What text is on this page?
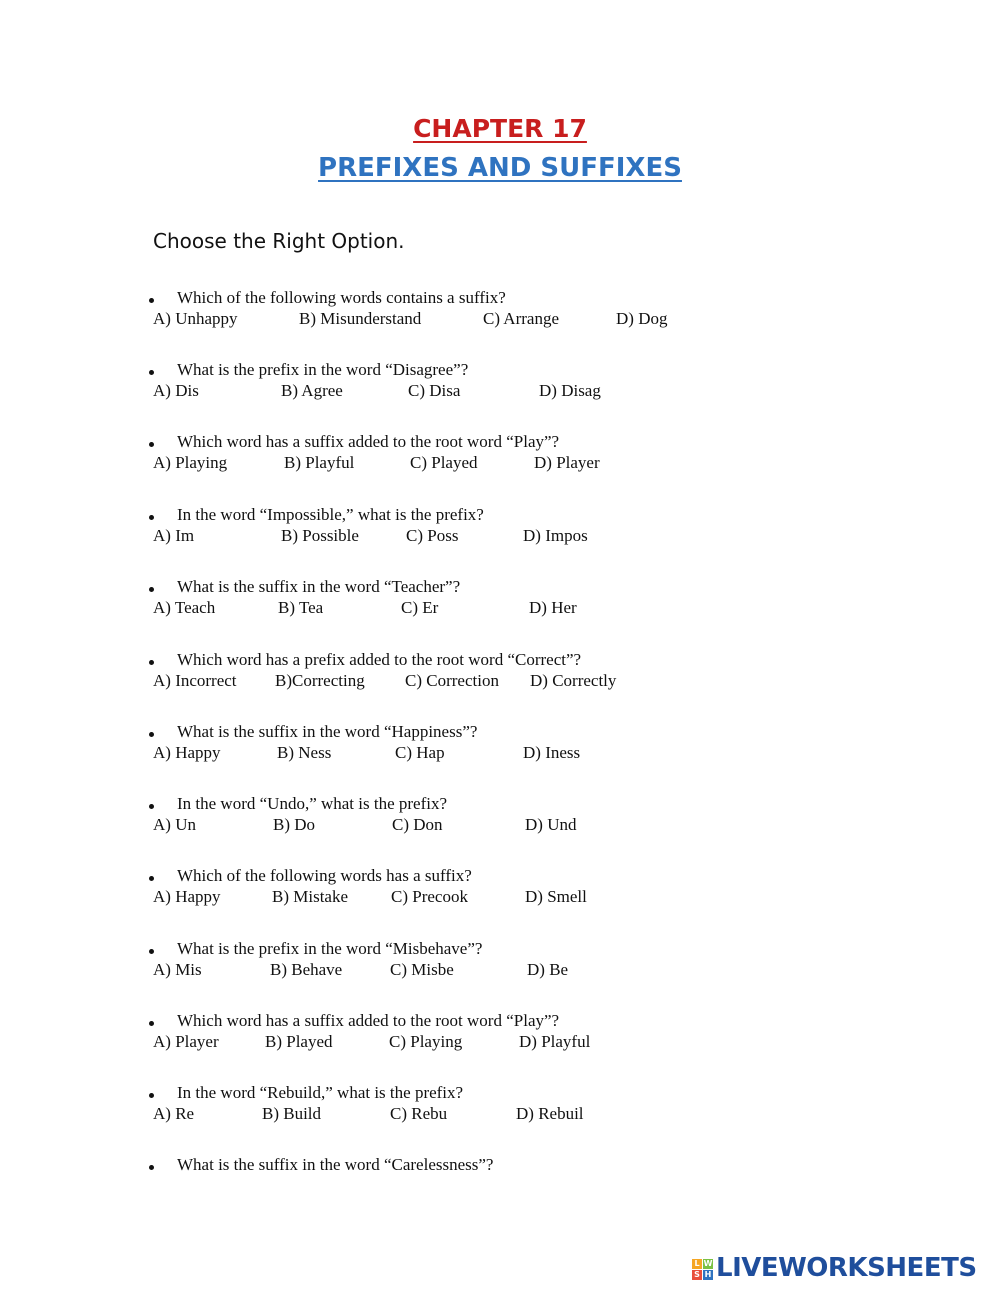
CHAPTER 17
PREFIXES AND SUFFIXES
Choose the Right Option.
Which of the following words contains a suffix?
A) Unhappy	B) Misunderstand	C) Arrange	D) Dog
What is the prefix in the word “Disagree”?
A) Dis	B) Agree	C) Disa	D) Disag
Which word has a suffix added to the root word “Play”?
A) Playing	B) Playful	C) Played	D) Player
In the word “Impossible,” what is the prefix?
A) Im	B) Possible	C) Poss	D) Impos
What is the suffix in the word “Teacher”?
A) Teach	B) Tea	C) Er	D) Her
Which word has a prefix added to the root word “Correct”?
A) Incorrect B)Correcting C) Correction D) Correctly
What is the suffix in the word “Happiness”?
A) Happy	B) Ness	C) Hap	D) Iness
In the word “Undo,” what is the prefix?
A) Un	B) Do	C) Don	D) Und
Which of the following words has a suffix?
A) Happy	B) Mistake	C) Precook	D) Smell
What is the prefix in the word “Misbehave”?
A) Mis	B) Behave	C) Misbe	D) Be
Which word has a suffix added to the root word “Play”?
A) Player	B) Played	C) Playing	D) Playful
In the word “Rebuild,” what is the prefix?
A) Re	B) Build	C) Rebu	D) Rebuil
What is the suffix in the word “Carelessness”?
L W
S H LIVEWORKSHEETS
